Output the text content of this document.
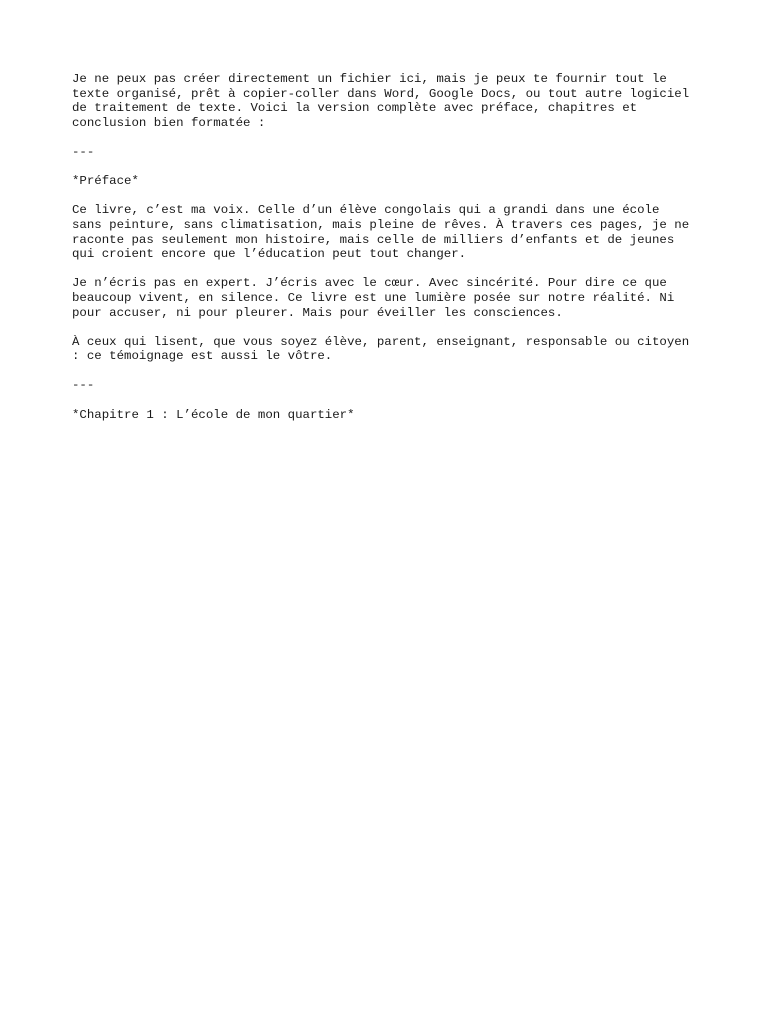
Je ne peux pas créer directement un fichier ici, mais je peux te fournir tout le
texte organisé, prêt à copier-coller dans Word, Google Docs, ou tout autre logiciel
de traitement de texte. Voici la version complète avec préface, chapitres et
conclusion bien formatée :

---

*Préface*

Ce livre, c’est ma voix. Celle d’un élève congolais qui a grandi dans une école
sans peinture, sans climatisation, mais pleine de rêves. À travers ces pages, je ne
raconte pas seulement mon histoire, mais celle de milliers d’enfants et de jeunes
qui croient encore que l’éducation peut tout changer.

Je n’écris pas en expert. J’écris avec le cœur. Avec sincérité. Pour dire ce que
beaucoup vivent, en silence. Ce livre est une lumière posée sur notre réalité. Ni
pour accuser, ni pour pleurer. Mais pour éveiller les consciences.

À ceux qui lisent, que vous soyez élève, parent, enseignant, responsable ou citoyen
: ce témoignage est aussi le vôtre.

---

*Chapitre 1 : L’école de mon quartier*
